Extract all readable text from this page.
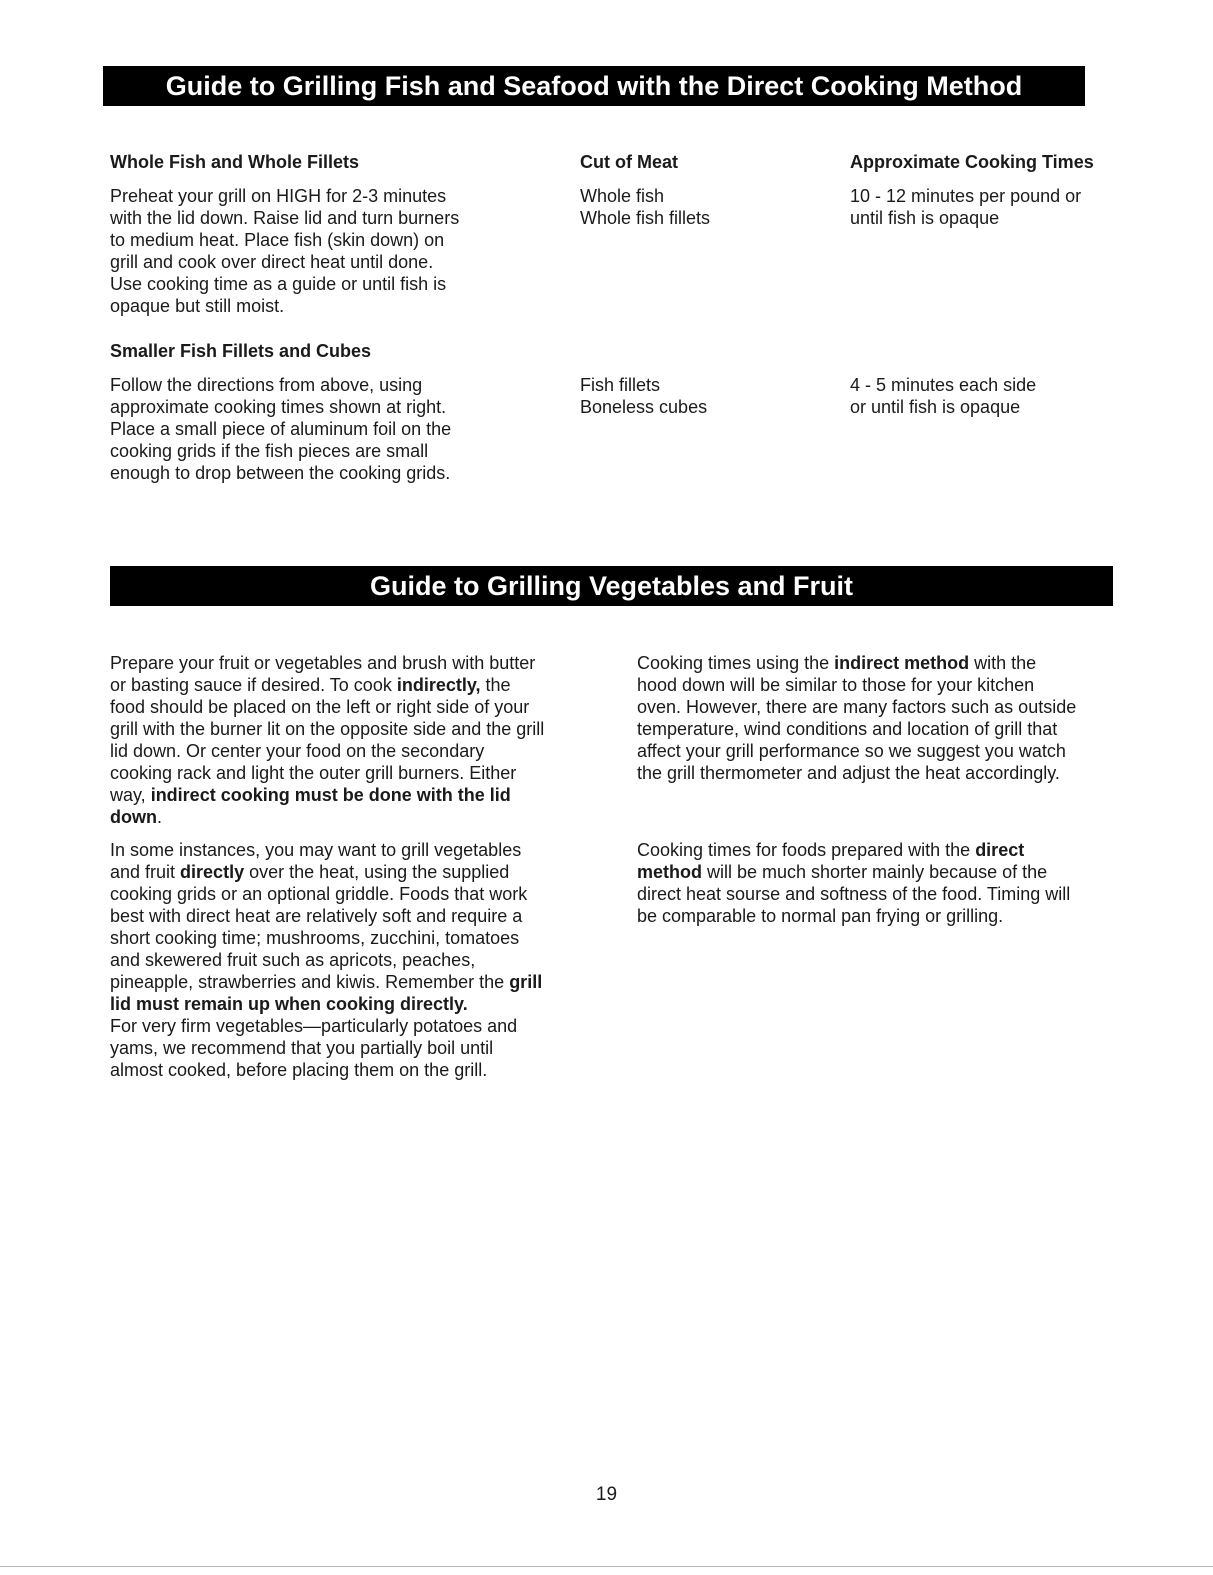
Guide to Grilling Fish and Seafood with the Direct Cooking Method
Whole Fish and Whole Fillets	Cut of Meat	Approximate Cooking Times
Preheat your grill on HIGH for 2-3 minutes
with the lid down. Raise lid and turn burners
to medium heat. Place fish (skin down) on
grill and cook over direct heat until done.
Use cooking time as a guide or until fish is
opaque but still moist.
Whole fish
Whole fish fillets
10 - 12 minutes per pound or
until fish is opaque
Smaller Fish Fillets and Cubes
Follow the directions from above, using
approximate cooking times shown at right.
Place a small piece of aluminum foil on the
cooking grids if the fish pieces are small
enough to drop between the cooking grids.
Fish fillets
Boneless cubes
4 - 5 minutes each side
or until fish is opaque
Guide to Grilling Vegetables and Fruit
Prepare your fruit or vegetables and brush with butter
or basting sauce if desired. To cook indirectly, the
food should be placed on the left or right side of your
grill with the burner lit on the opposite side and the grill
lid down. Or center your food on the secondary
cooking rack and light the outer grill burners. Either
way, indirect cooking must be done with the lid
down.
In some instances, you may want to grill vegetables
and fruit directly over the heat, using the supplied
cooking grids or an optional griddle. Foods that work
best with direct heat are relatively soft and require a
short cooking time; mushrooms, zucchini, tomatoes
and skewered fruit such as apricots, peaches,
pineapple, strawberries and kiwis. Remember the grill
lid must remain up when cooking directly.
For very firm vegetables—particularly potatoes and
yams, we recommend that you partially boil until
almost cooked, before placing them on the grill.
Cooking times using the indirect method with the
hood down will be similar to those for your kitchen
oven. However, there are many factors such as outside
temperature, wind conditions and location of grill that
affect your grill performance so we suggest you watch
the grill thermometer and adjust the heat accordingly.
Cooking times for foods prepared with the direct
method will be much shorter mainly because of the
direct heat sourse and softness of the food. Timing will
be comparable to normal pan frying or grilling.
19
